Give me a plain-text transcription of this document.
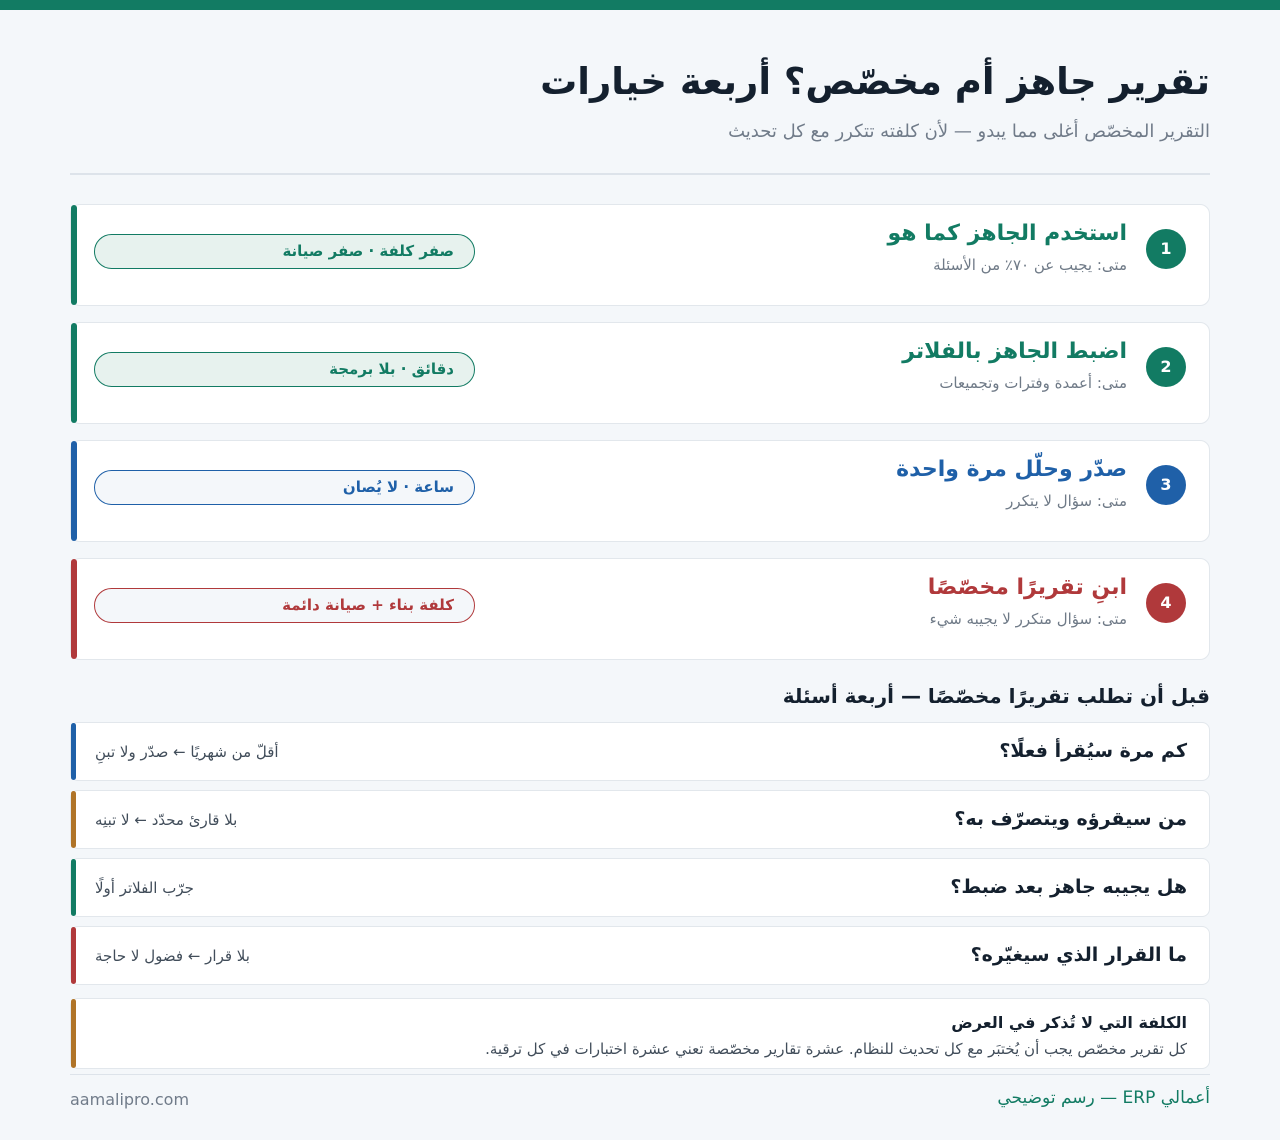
تقرير جاهز أم مخصّص؟ أربعة خيارات
التقرير المخصّص أغلى مما يبدو — لأن كلفته تتكرر مع كل تحديث
1
استخدم الجاهز كما هو
متى: يجيب عن ٧٠٪ من الأسئلة
صفر كلفة · صفر صيانة
2
اضبط الجاهز بالفلاتر
متى: أعمدة وفترات وتجميعات
دقائق · بلا برمجة
3
صدّر وحلّل مرة واحدة
متى: سؤال لا يتكرر
ساعة · لا يُصان
4
ابنِ تقريرًا مخصّصًا
متى: سؤال متكرر لا يجيبه شيء
كلفة بناء + صيانة دائمة
قبل أن تطلب تقريرًا مخصّصًا — أربعة أسئلة
كم مرة سيُقرأ فعلًا؟
أقلّ من شهريًا ← صدّر ولا تبنِ
من سيقرؤه ويتصرّف به؟
بلا قارئ محدّد ← لا تبنِه
هل يجيبه جاهز بعد ضبط؟
جرّب الفلاتر أولًا
ما القرار الذي سيغيّره؟
بلا قرار ← فضول لا حاجة
الكلفة التي لا تُذكر في العرض
كل تقرير مخصّص يجب أن يُختبَر مع كل تحديث للنظام. عشرة تقارير مخصّصة تعني عشرة اختبارات في كل ترقية.
أعمالي ERP — رسم توضيحي
aamalipro.com
